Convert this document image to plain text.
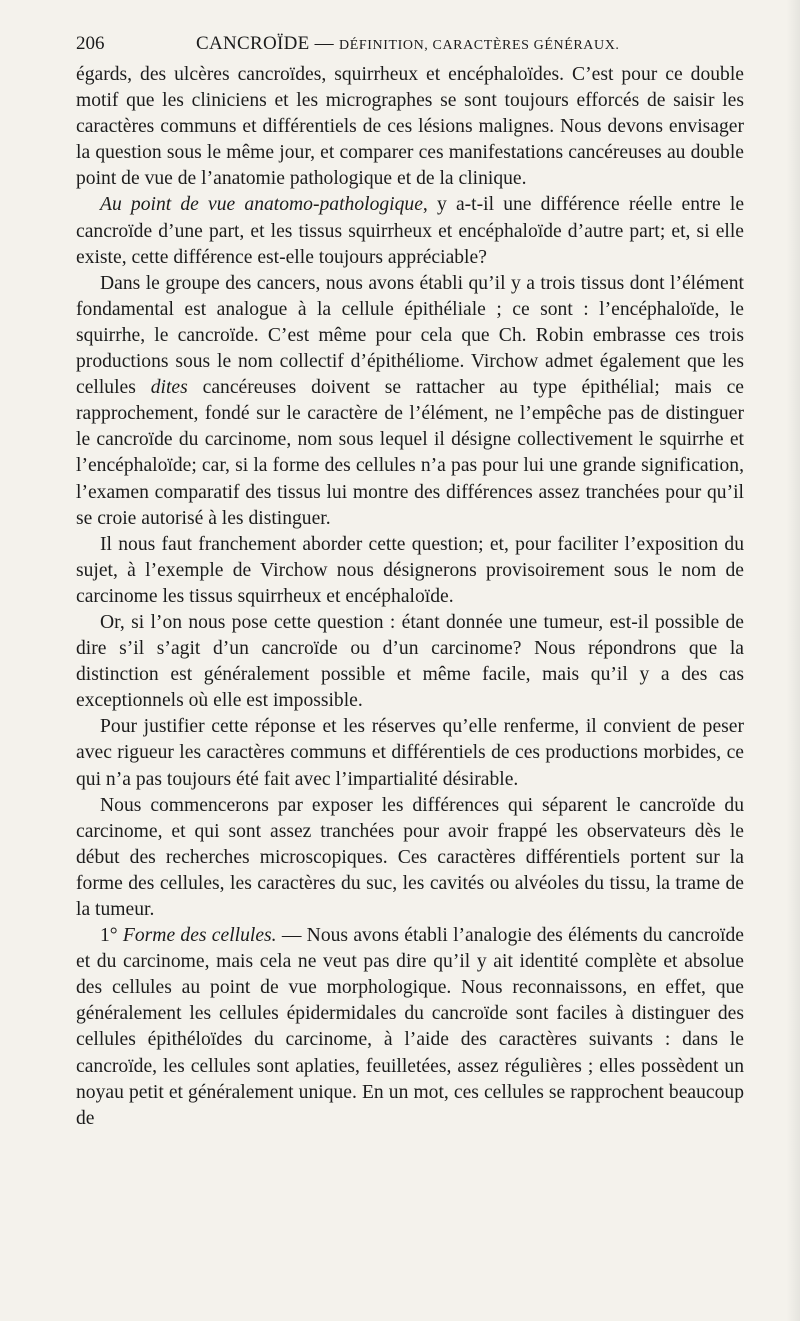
206	CANCROÏDE — DÉFINITION, CARACTÈRES GÉNÉRAUX.

égards, des ulcères cancroïdes, squirrheux et encéphaloïdes. C’est pour ce double motif que les cliniciens et les micrographes se sont toujours efforcés de saisir les caractères communs et différentiels de ces lésions malignes. Nous devons envisager la question sous le même jour, et comparer ces manifestations cancéreuses au double point de vue de l’anatomie pathologique et de la clinique.

Au point de vue anatomo-pathologique, y a-t-il une différence réelle entre le cancroïde d’une part, et les tissus squirrheux et encéphaloïde d’autre part; et, si elle existe, cette différence est-elle toujours appréciable?

Dans le groupe des cancers, nous avons établi qu’il y a trois tissus dont l’élément fondamental est analogue à la cellule épithéliale ; ce sont : l’encéphaloïde, le squirrhe, le cancroïde. C’est même pour cela que Ch. Robin embrasse ces trois productions sous le nom collectif d’épithéliome. Virchow admet également que les cellules dites cancéreuses doivent se rattacher au type épithélial; mais ce rapprochement, fondé sur le caractère de l’élément, ne l’empêche pas de distinguer le cancroïde du carcinome, nom sous lequel il désigne collectivement le squirrhe et l’encéphaloïde; car, si la forme des cellules n’a pas pour lui une grande signification, l’examen comparatif des tissus lui montre des différences assez tranchées pour qu’il se croie autorisé à les distinguer.

Il nous faut franchement aborder cette question; et, pour faciliter l’exposition du sujet, à l’exemple de Virchow nous désignerons provisoirement sous le nom de carcinome les tissus squirrheux et encéphaloïde.

Or, si l’on nous pose cette question : étant donnée une tumeur, est-il possible de dire s’il s’agit d’un cancroïde ou d’un carcinome? Nous répondrons que la distinction est généralement possible et même facile, mais qu’il y a des cas exceptionnels où elle est impossible.

Pour justifier cette réponse et les réserves qu’elle renferme, il convient de peser avec rigueur les caractères communs et différentiels de ces productions morbides, ce qui n’a pas toujours été fait avec l’impartialité désirable.

Nous commencerons par exposer les différences qui séparent le cancroïde du carcinome, et qui sont assez tranchées pour avoir frappé les observateurs dès le début des recherches microscopiques. Ces caractères différentiels portent sur la forme des cellules, les caractères du suc, les cavités ou alvéoles du tissu, la trame de la tumeur.

1° Forme des cellules. — Nous avons établi l’analogie des éléments du cancroïde et du carcinome, mais cela ne veut pas dire qu’il y ait identité complète et absolue des cellules au point de vue morphologique. Nous reconnaissons, en effet, que généralement les cellules épidermidales du cancroïde sont faciles à distinguer des cellules épithéloïdes du carcinome, à l’aide des caractères suivants : dans le cancroïde, les cellules sont aplaties, feuilletées, assez régulières ; elles possèdent un noyau petit et généralement unique. En un mot, ces cellules se rapprochent beaucoup de
